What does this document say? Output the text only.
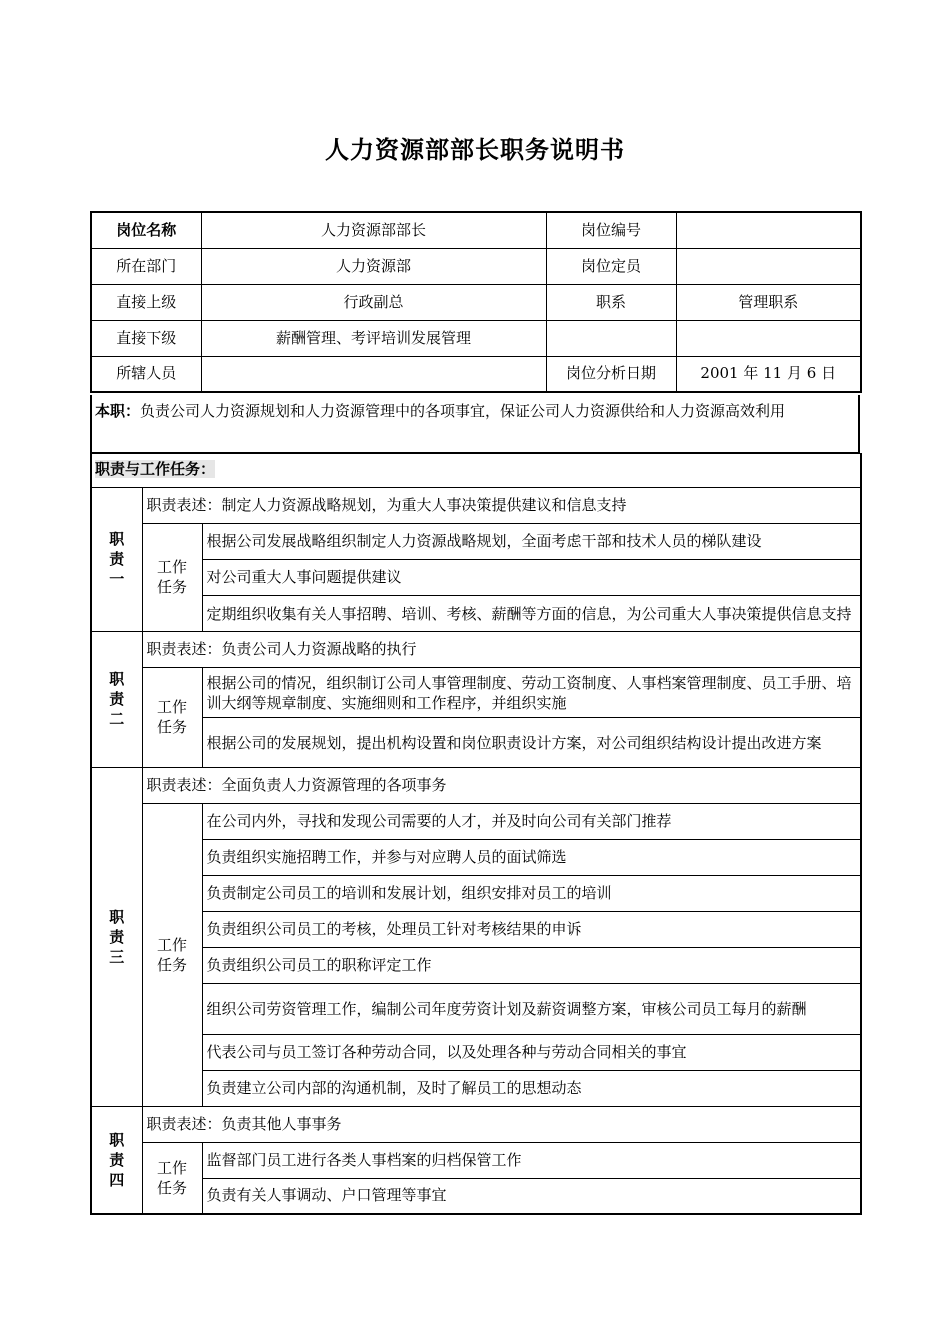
人力资源部部长职务说明书
岗位名称	人力资源部部长	岗位编号	
所在部门	人力资源部	岗位定员	
直接上级	行政副总	职系	管理职系
直接下级	薪酬管理、考评培训发展管理		
所辖人员		岗位分析日期	2001 年 11 月 6 日
本职：负责公司人力资源规划和人力资源管理中的各项事宜，保证公司人力资源供给和人力资源高效利用
职责与工作任务：		

职
责
一	职责表述：制定人力资源战略规划，为重大人事决策提供建议和信息支持	

	工作
任务	根据公司发展战略组织制定人力资源战略规划，全面考虑干部和技术人员的梯队建设
		对公司重大人事问题提供建议
		定期组织收集有关人事招聘、培训、考核、薪酬等方面的信息，为公司重大人事决策提供信息支持

职
责
二	职责表述：负责公司人力资源战略的执行	

	工作
任务	根据公司的情况，组织制订公司人事管理制度、劳动工资制度、人事档案管理制度、员工手册、培训大纲等规章制度、实施细则和工作程序，并组织实施
		根据公司的发展规划，提出机构设置和岗位职责设计方案，对公司组织结构设计提出改进方案

职
责
三	职责表述：全面负责人力资源管理的各项事务	

	工作
任务	在公司内外，寻找和发现公司需要的人才，并及时向公司有关部门推荐
		负责组织实施招聘工作，并参与对应聘人员的面试筛选
		负责制定公司员工的培训和发展计划，组织安排对员工的培训
		负责组织公司员工的考核，处理员工针对考核结果的申诉
		负责组织公司员工的职称评定工作
		组织公司劳资管理工作，编制公司年度劳资计划及薪资调整方案，审核公司员工每月的薪酬
		代表公司与员工签订各种劳动合同，以及处理各种与劳动合同相关的事宜
		负责建立公司内部的沟通机制，及时了解员工的思想动态

职
责
四	职责表述：负责其他人事事务	

	工作
任务	监督部门员工进行各类人事档案的归档保管工作
		负责有关人事调动、户口管理等事宜
